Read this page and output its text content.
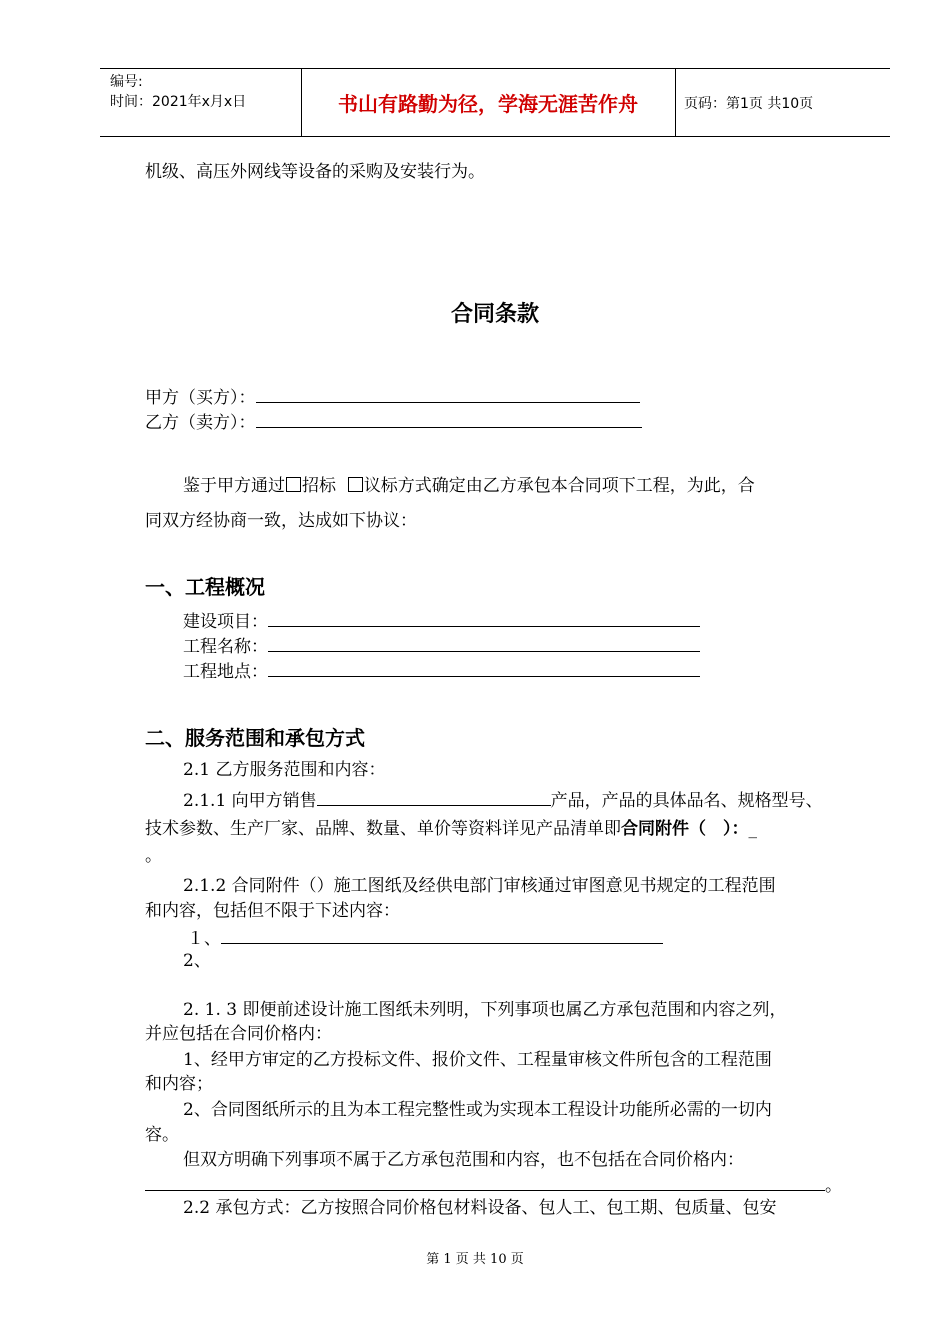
编号:
时间：2021年x月x日	书山有路勤为径，学海无涯苦作舟	页码：第1页 共10页
机级、高压外网线等设备的采购及安装行为。
合同条款
甲方（买方）：
乙方（卖方）：
鉴于甲方通过 招标 议标方式确定由乙方承包本合同项下工程，为此，合
同双方经协商一致，达成如下协议：
一、工程概况
建设项目：
工程名称：
工程地点：
二、服务范围和承包方式
2.1 乙方服务范围和内容：
2.1.1 向甲方销售	产品，产品的具体品名、规格型号、
技术参数、生产厂家、品牌、数量、单价等资料详见产品清单即合同附件（　）：_
。
2.1.2 合同附件（）施工图纸及经供电部门审核通过审图意见书规定的工程范围
和内容，包括但不限于下述内容：
１、
2、
2. 1. 3 即便前述设计施工图纸未列明，下列事项也属乙方承包范围和内容之列，
并应包括在合同价格内：
1、经甲方审定的乙方投标文件、报价文件、工程量审核文件所包含的工程范围
和内容；
2、合同图纸所示的且为本工程完整性或为实现本工程设计功能所必需的一切内
容。
但双方明确下列事项不属于乙方承包范围和内容，也不包括在合同价格内：
。
2.2 承包方式：乙方按照合同价格包材料设备、包人工、包工期、包质量、包安
第 1 页 共 10 页
